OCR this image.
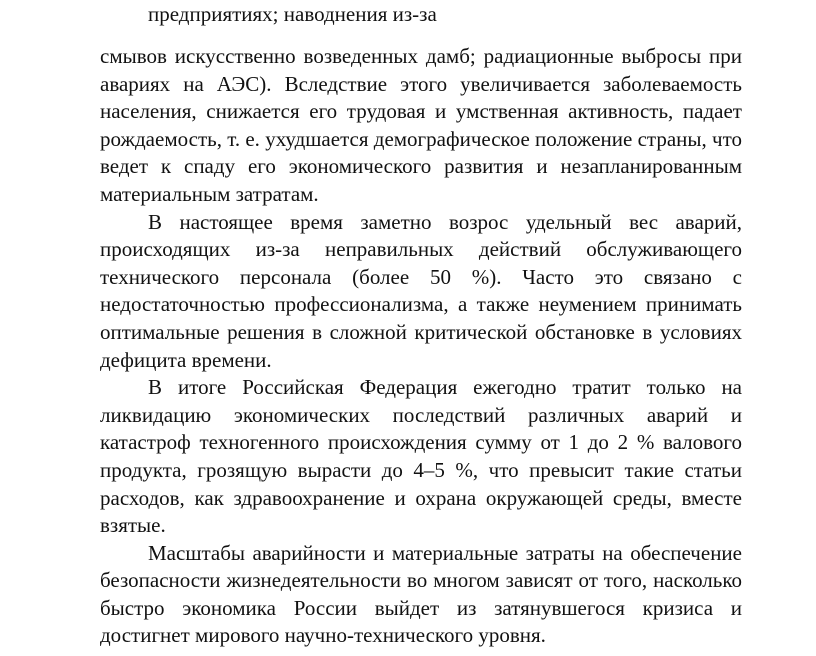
предприятиях; наводнения из-за

смывов искусственно возведенных дамб; радиационные выбросы при авариях на АЭС). Вследствие этого увеличивается заболеваемость населения, снижается его трудовая и умственная активность, падает рождаемость, т. е. ухудшается демографическое положение страны, что ведет к спаду его экономического развития и незапланированным материальным затратам.

В настоящее время заметно возрос удельный вес аварий, происходящих из-за неправильных действий обслуживающего технического персонала (более 50 %). Часто это связано с недостаточностью профессионализма, а также неумением принимать оптимальные решения в сложной критической обстановке в условиях дефицита времени.

В итоге Российская Федерация ежегодно тратит только на ликвидацию экономических последствий различных аварий и катастроф техногенного происхождения сумму от 1 до 2 % валового продукта, грозящую вырасти до 4–5 %, что превысит такие статьи расходов, как здравоохранение и охрана окружающей среды, вместе взятые.

Масштабы аварийности и материальные затраты на обеспечение безопасности жизнедеятельности во многом зависят от того, насколько быстро экономика России выйдет из затянувшегося кризиса и достигнет мирового научно-технического уровня.
